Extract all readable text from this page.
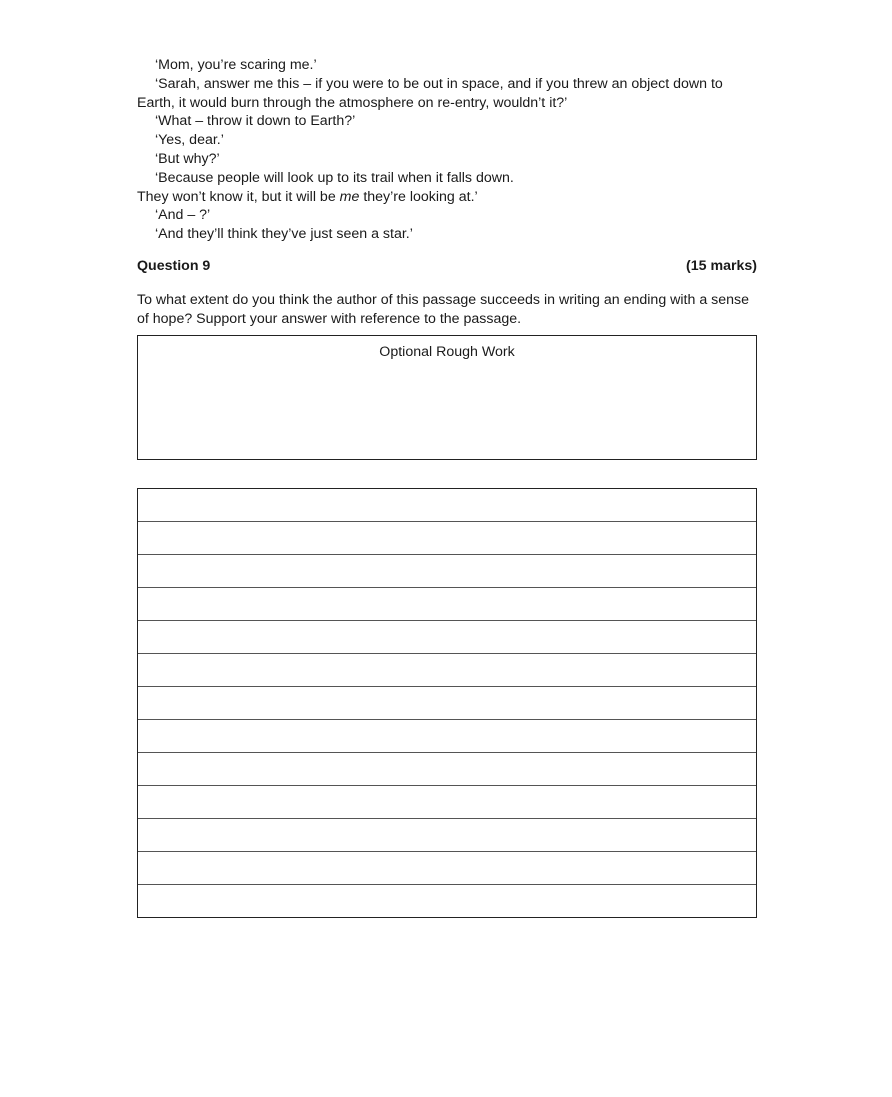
‘Mom, you’re scaring me.’

‘Sarah, answer me this – if you were to be out in space, and if you threw an object down to

Earth, it would burn through the atmosphere on re-entry, wouldn’t it?’

‘What – throw it down to Earth?’

‘Yes, dear.’

‘But why?’

‘Because people will look up to its trail when it falls down.

They won’t know it, but it will be me they’re looking at.’

‘And – ?’

‘And they’ll think they’ve just seen a star.’

Question 9	(15 marks)

To what extent do you think the author of this passage succeeds in writing an ending with a sense of hope? Support your answer with reference to the passage.

Optional Rough Work
